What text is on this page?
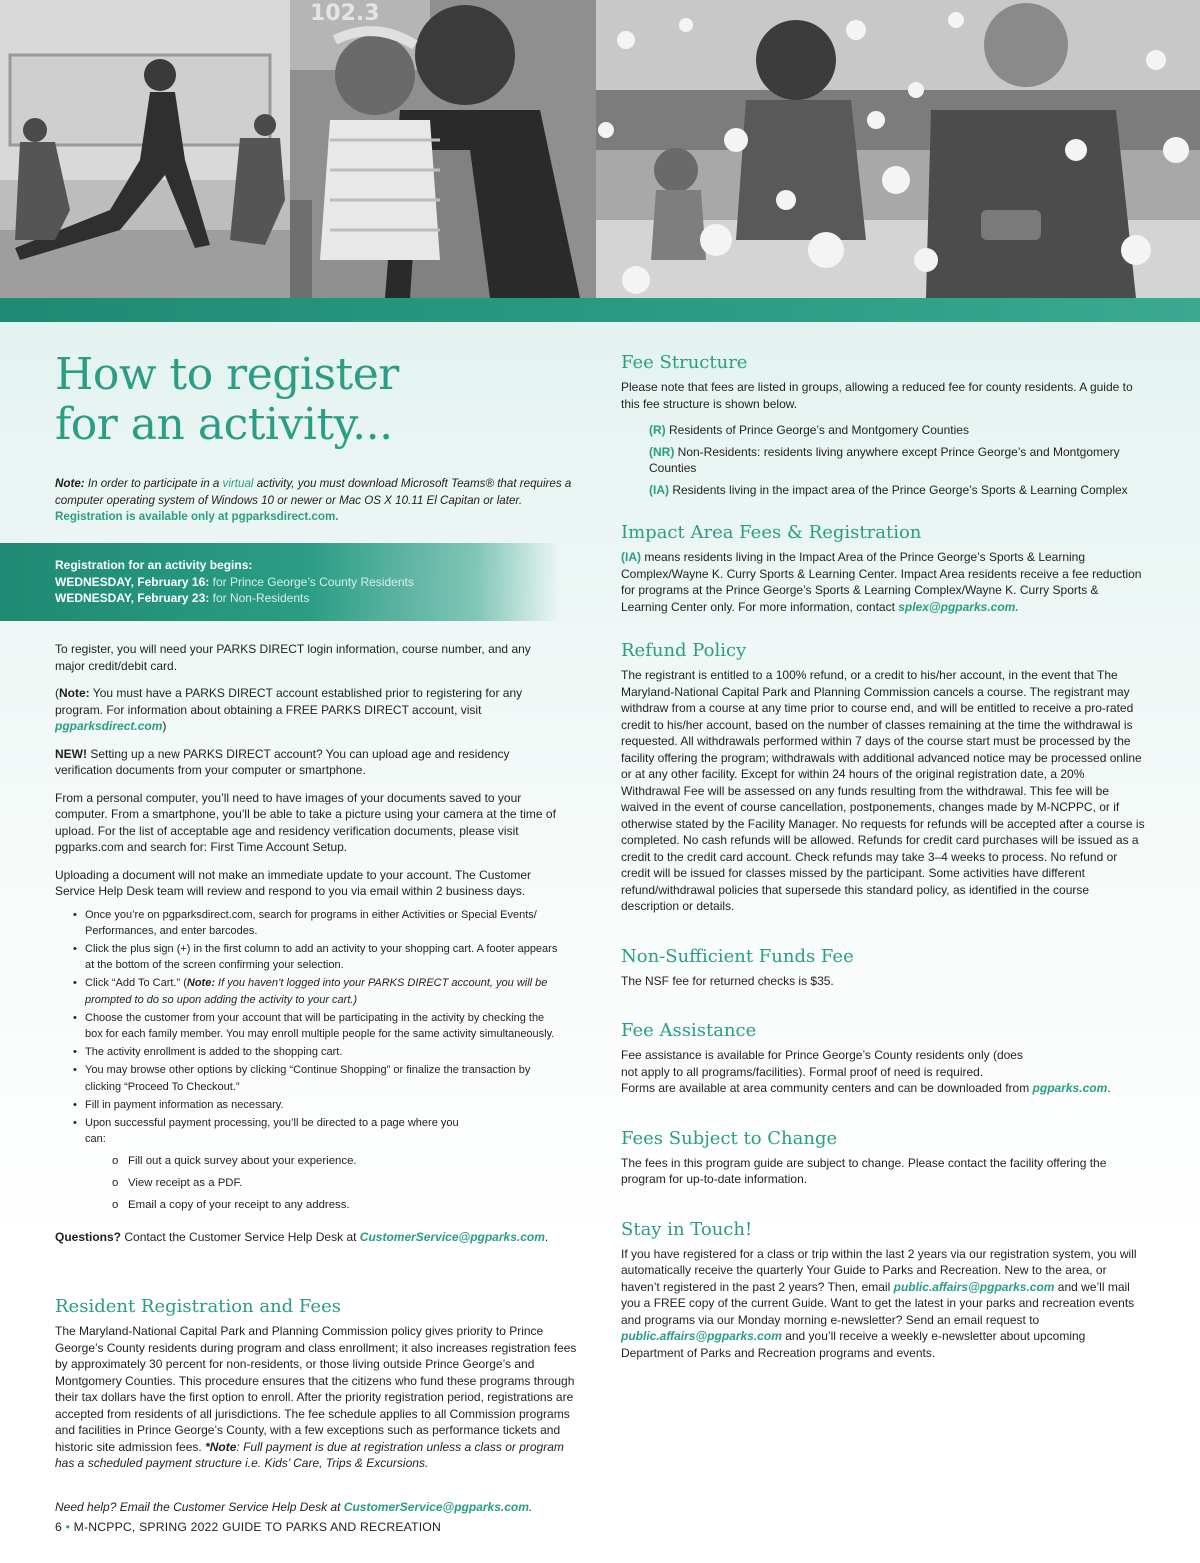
102.3
How to register
for an activity...

Note: In order to participate in a virtual activity, you must download Microsoft Teams® that requires a computer operating system of Windows 10 or newer or Mac OS X 10.11 El Capitan or later. Registration is available only at pgparksdirect.com.

Registration for an activity begins:
WEDNESDAY, February 16: for Prince George’s County Residents
WEDNESDAY, February 23: for Non-Residents

To register, you will need your PARKS DIRECT login information, course number, and any major credit/debit card.

(Note: You must have a PARKS DIRECT account established prior to registering for any program. For information about obtaining a FREE PARKS DIRECT account, visit pgparksdirect.com)

NEW! Setting up a new PARKS DIRECT account? You can upload age and residency verification documents from your computer or smartphone.

From a personal computer, you’ll need to have images of your documents saved to your computer. From a smartphone, you’ll be able to take a picture using your camera at the time of upload. For the list of acceptable age and residency verification documents, please visit pgparks.com and search for: First Time Account Setup.

Uploading a document will not make an immediate update to your account. The Customer Service Help Desk team will review and respond to you via email within 2 business days.

• Once you’re on pgparksdirect.com, search for programs in either Activities or Special Events/ Performances, and enter barcodes.
• Click the plus sign (+) in the first column to add an activity to your shopping cart. A footer appears at the bottom of the screen confirming your selection.
• Click “Add To Cart.” (Note: If you haven’t logged into your PARKS DIRECT account, you will be prompted to do so upon adding the activity to your cart.)
• Choose the customer from your account that will be participating in the activity by checking the box for each family member. You may enroll multiple people for the same activity simultaneously.
• The activity enrollment is added to the shopping cart.
• You may browse other options by clicking “Continue Shopping” or finalize the transaction by clicking “Proceed To Checkout.”
• Fill in payment information as necessary.
• Upon successful payment processing, you’ll be directed to a page where you can:
o Fill out a quick survey about your experience.
o View receipt as a PDF.
o Email a copy of your receipt to any address.

Questions? Contact the Customer Service Help Desk at CustomerService@pgparks.com.

Resident Registration and Fees

The Maryland-National Capital Park and Planning Commission policy gives priority to Prince George’s County residents during program and class enrollment; it also increases registration fees by approximately 30 percent for non-residents, or those living outside Prince George’s and Montgomery Counties. This procedure ensures that the citizens who fund these programs through their tax dollars have the first option to enroll. After the priority registration period, registrations are accepted from residents of all jurisdictions. The fee schedule applies to all Commission programs and facilities in Prince George’s County, with a few exceptions such as performance tickets and historic site admission fees. *Note: Full payment is due at registration unless a class or program has a scheduled payment structure i.e. Kids’ Care, Trips & Excursions.

Need help? Email the Customer Service Help Desk at CustomerService@pgparks.com.

6 • M-NCPPC, SPRING 2022 GUIDE TO PARKS AND RECREATION
Fee Structure

Please note that fees are listed in groups, allowing a reduced fee for county residents. A guide to this fee structure is shown below.

(R) Residents of Prince George’s and Montgomery Counties
(NR) Non-Residents: residents living anywhere except Prince George’s and Montgomery Counties
(IA) Residents living in the impact area of the Prince George’s Sports & Learning Complex
Impact Area Fees & Registration

(IA) means residents living in the Impact Area of the Prince George’s Sports & Learning Complex/Wayne K. Curry Sports & Learning Center. Impact Area residents receive a fee reduction for programs at the Prince George’s Sports & Learning Complex/Wayne K. Curry Sports & Learning Center only. For more information, contact splex@pgparks.com.

Refund Policy

The registrant is entitled to a 100% refund, or a credit to his/her account, in the event that The Maryland-National Capital Park and Planning Commission cancels a course. The registrant may withdraw from a course at any time prior to course end, and will be entitled to receive a pro-rated credit to his/her account, based on the number of classes remaining at the time the withdrawal is requested. All withdrawals performed within 7 days of the course start must be processed by the facility offering the program; withdrawals with additional advanced notice may be processed online or at any other facility. Except for within 24 hours of the original registration date, a 20% Withdrawal Fee will be assessed on any funds resulting from the withdrawal. This fee will be waived in the event of course cancellation, postponements, changes made by M-NCPPC, or if otherwise stated by the Facility Manager. No requests for refunds will be accepted after a course is completed. No cash refunds will be allowed. Refunds for credit card purchases will be issued as a credit to the credit card account. Check refunds may take 3–4 weeks to process. No refund or credit will be issued for classes missed by the participant. Some activities have different refund/withdrawal policies that supersede this standard policy, as identified in the course description or details.

Non-Sufficient Funds Fee

The NSF fee for returned checks is $35.

Fee Assistance

Fee assistance is available for Prince George’s County residents only (does
not apply to all programs/facilities). Formal proof of need is required.
Forms are available at area community centers and can be downloaded from pgparks.com.

Fees Subject to Change

The fees in this program guide are subject to change. Please contact the facility offering the program for up-to-date information.

Stay in Touch!

If you have registered for a class or trip within the last 2 years via our registration system, you will automatically receive the quarterly Your Guide to Parks and Recreation. New to the area, or haven’t registered in the past 2 years? Then, email public.affairs@pgparks.com and we’ll mail you a FREE copy of the current Guide. Want to get the latest in your parks and recreation events and programs via our Monday morning e-newsletter? Send an email request to public.affairs@pgparks.com and you’ll receive a weekly e-newsletter about upcoming Department of Parks and Recreation programs and events.
